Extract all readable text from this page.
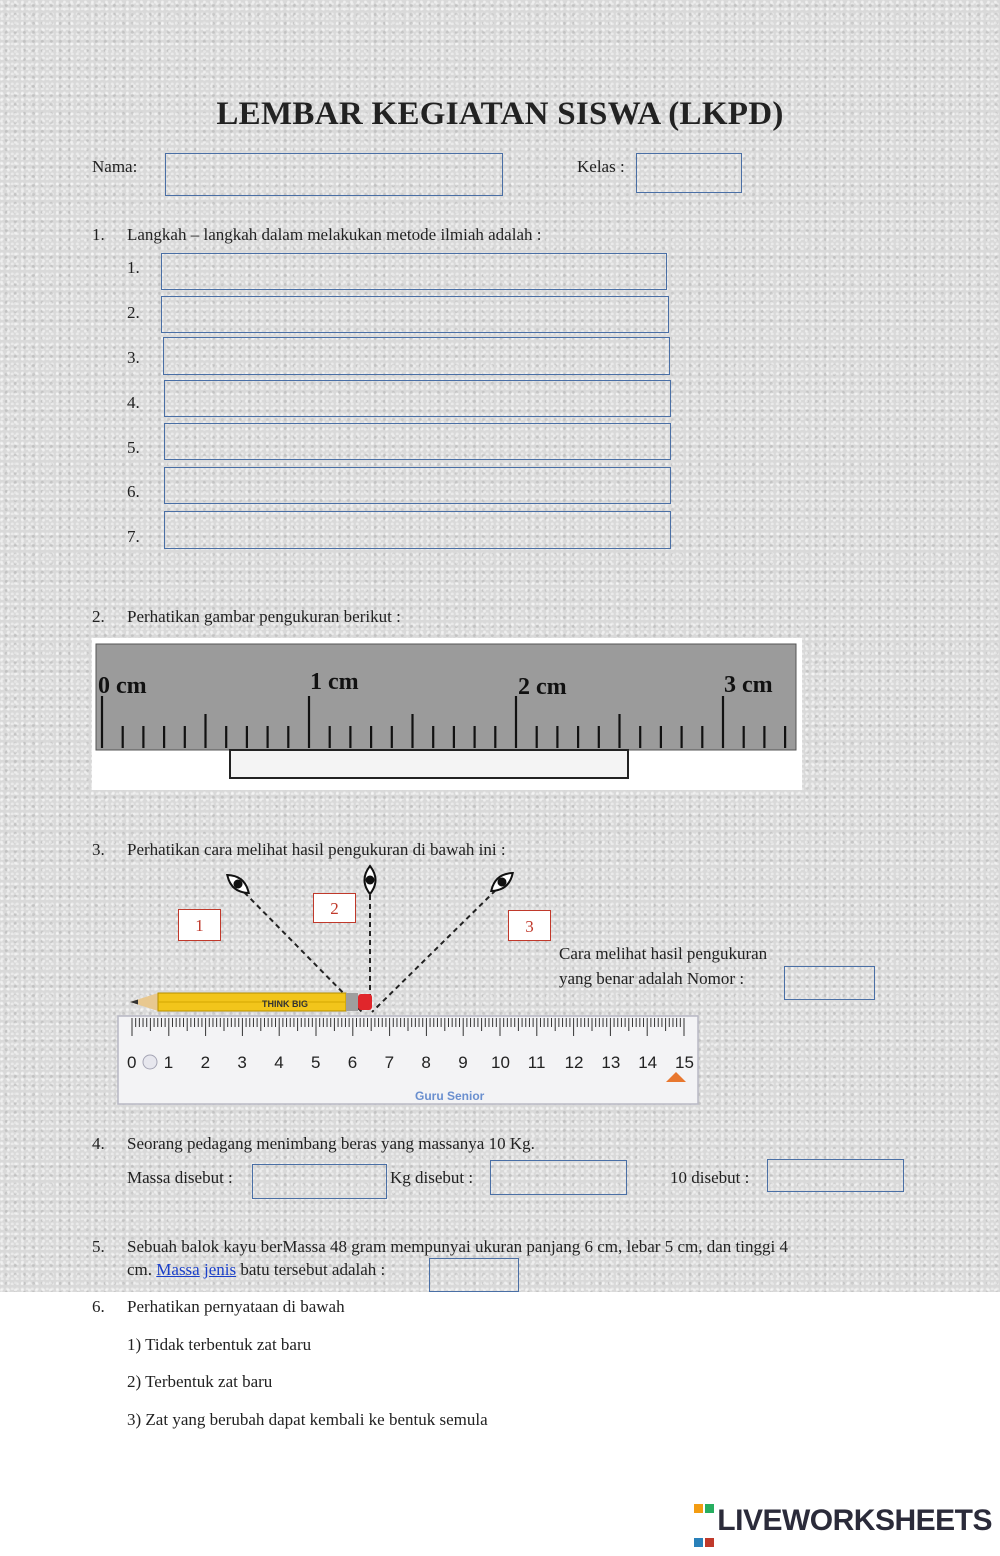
LEMBAR KEGIATAN SISWA (LKPD)
Nama:	Kelas :
1. Langkah – langkah dalam melakukan metode ilmiah adalah :
1.
2.
3.
4.
5.
6.
7.
2. Perhatikan gambar pengukuran berikut :
0 cm	1 cm	2 cm	3 cm
3. Perhatikan cara melihat hasil pengukuran di bawah ini :
THINK BIG
0 1 2 3 4 5 6 7 8 9 10 11 12 13 14 15
Guru Senior
1
2
3
Cara melihat hasil pengukuran
yang benar adalah Nomor :
4. Seorang pedagang menimbang beras yang massanya 10 Kg.
Massa disebut :	Kg disebut :	10 disebut :
5. Sebuah balok kayu berMassa 48 gram mempunyai ukuran panjang 6 cm, lebar 5 cm, dan tinggi 4
cm. Massa jenis batu tersebut adalah :
6. Perhatikan pernyataan di bawah
1) Tidak terbentuk zat baru
2) Terbentuk zat baru
3) Zat yang berubah dapat kembali ke bentuk semula

LIVEWORKSHEETS
